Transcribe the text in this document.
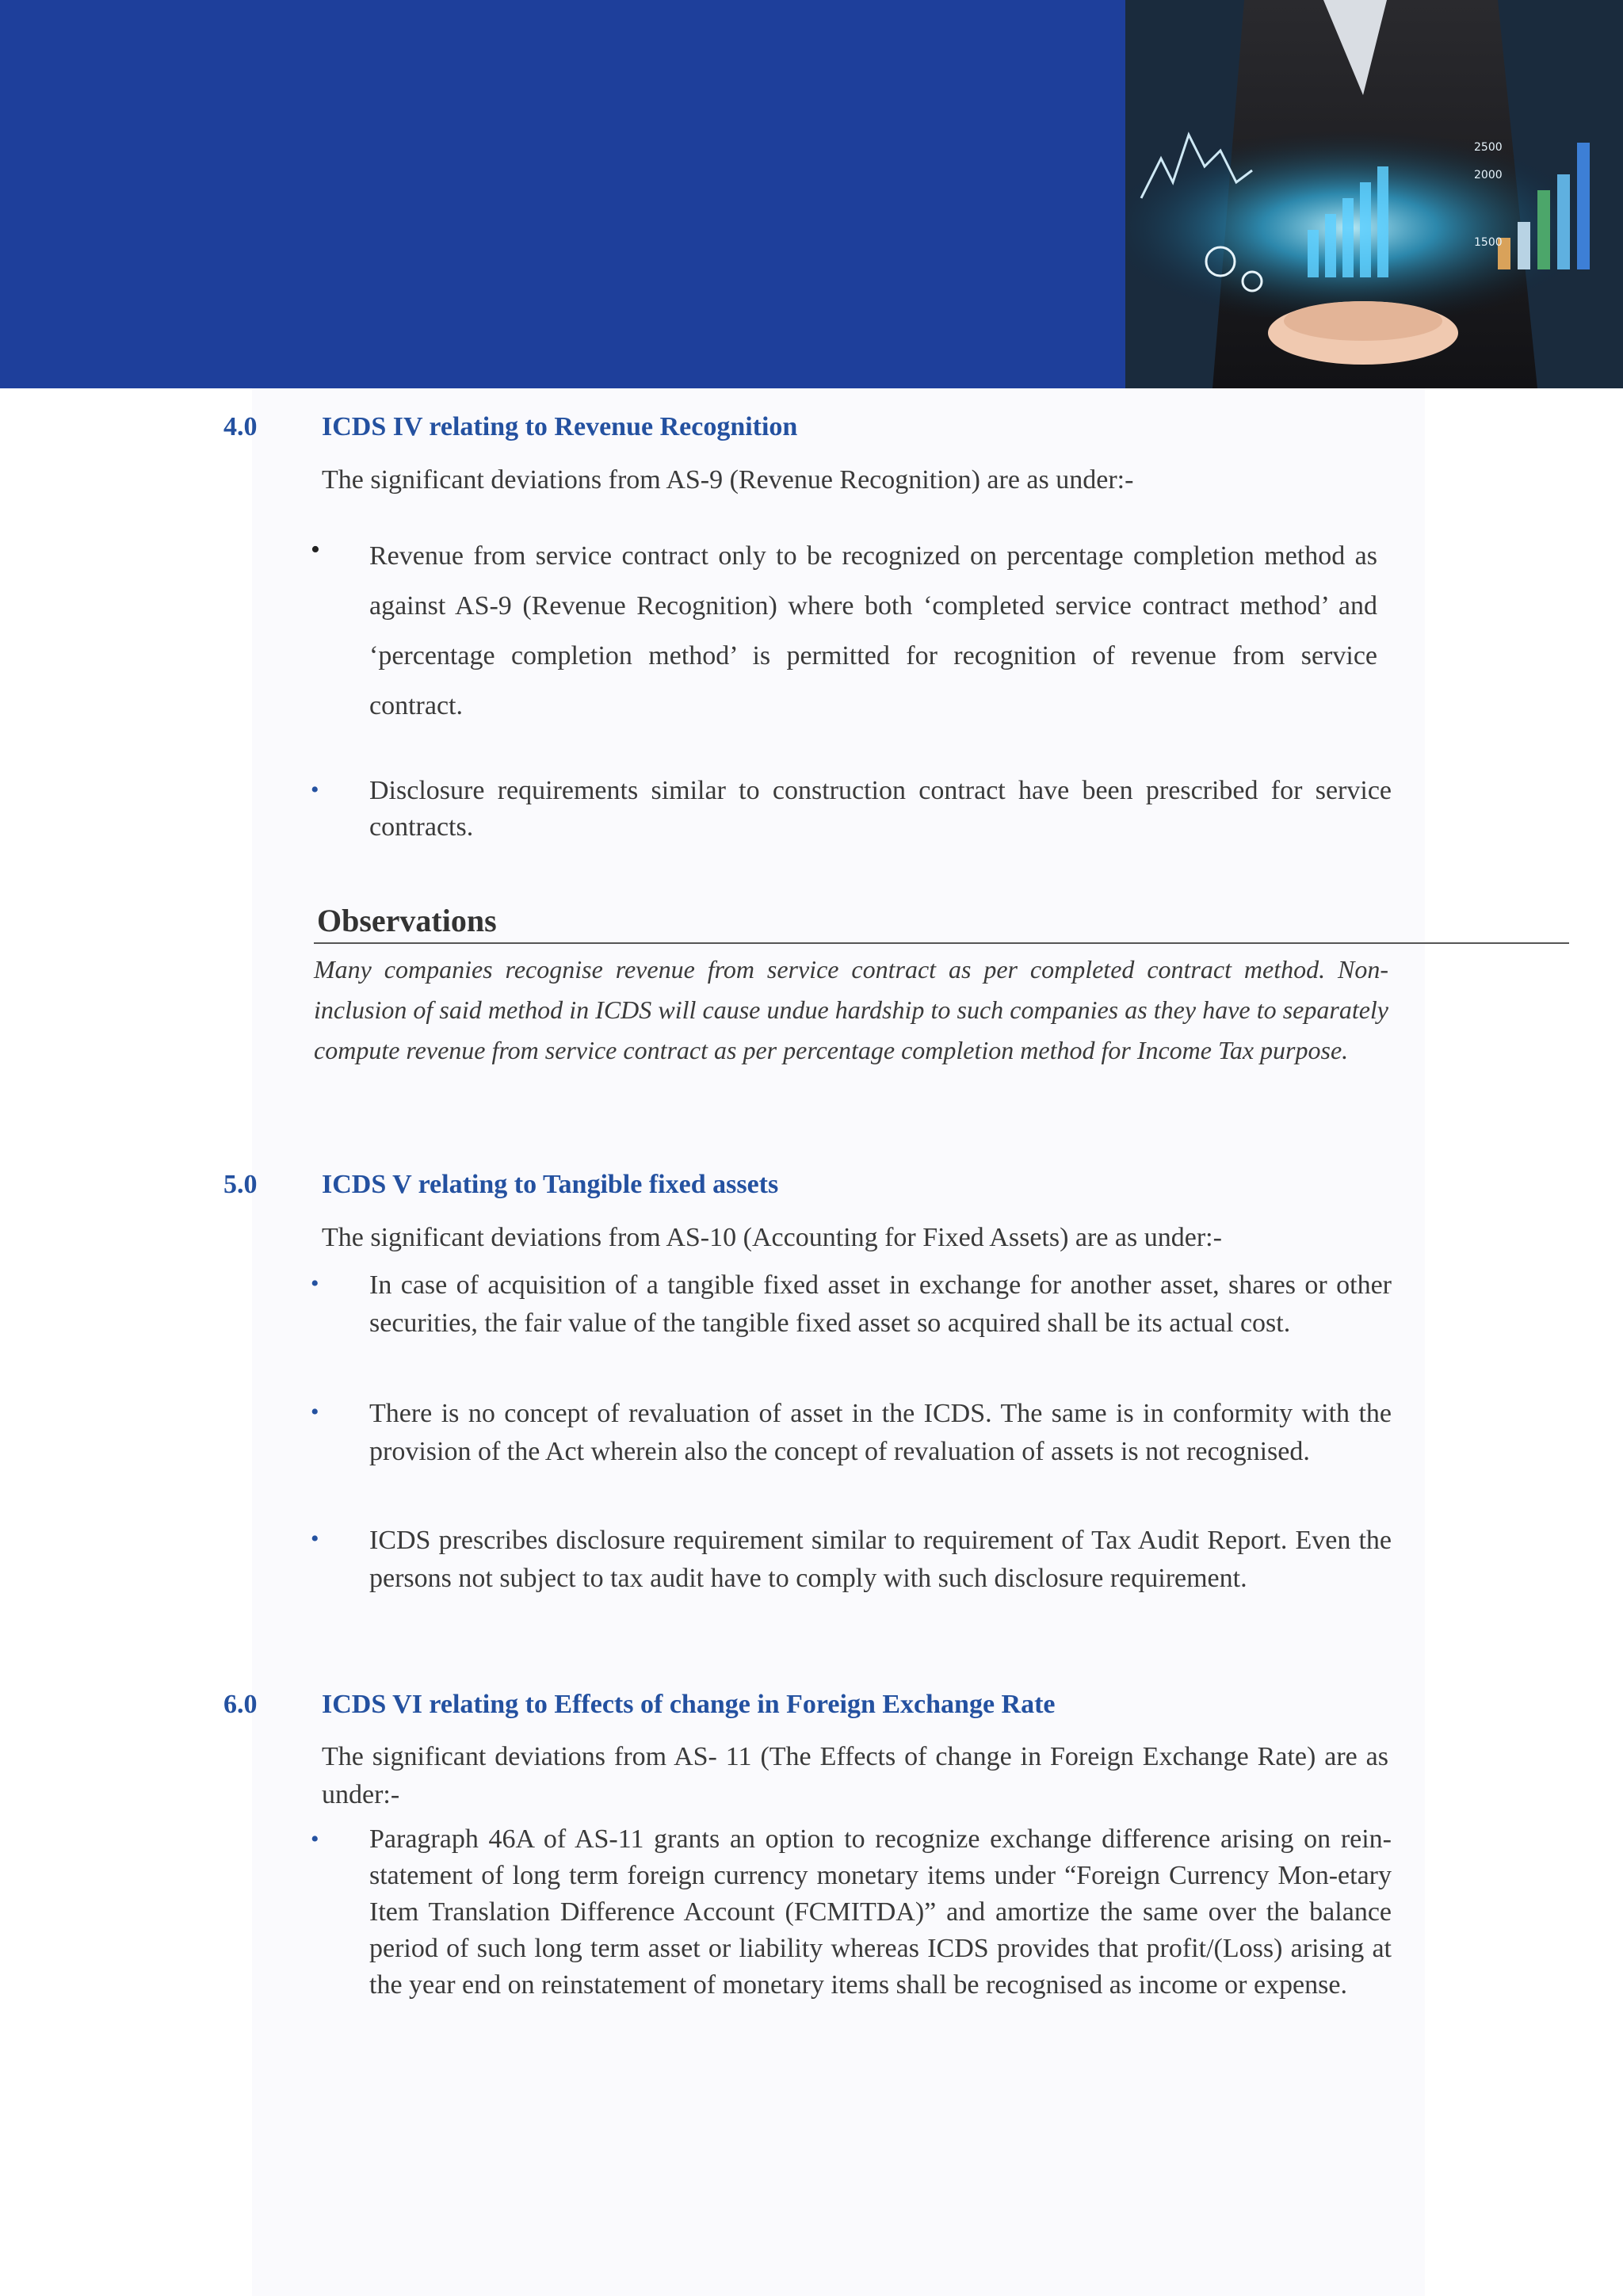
2500
2000
1500
4.0 ICDS IV relating to Revenue Recognition
The significant deviations from AS-9 (Revenue Recognition) are as under:-
• Revenue from service contract only to be recognized on percentage completion method as against AS-9 (Revenue Recognition) where both ‘completed service contract method’ and ‘percentage completion method’ is permitted for recognition of revenue from service contract.
• Disclosure requirements similar to construction contract have been prescribed for service contracts.
Observations
Many companies recognise revenue from service contract as per completed contract method. Non-inclusion of said method in ICDS will cause undue hardship to such companies as they have to separately compute revenue from service contract as per percentage completion method for Income Tax purpose.
5.0 ICDS V relating to Tangible fixed assets
The significant deviations from AS-10 (Accounting for Fixed Assets) are as under:-
• In case of acquisition of a tangible fixed asset in exchange for another asset, shares or other securities, the fair value of the tangible fixed asset so acquired shall be its actual cost.
• There is no concept of revaluation of asset in the ICDS. The same is in conformity with the provision of the Act wherein also the concept of revaluation of assets is not recognised.
• ICDS prescribes disclosure requirement similar to requirement of Tax Audit Report. Even the persons not subject to tax audit have to comply with such disclosure requirement.
6.0 ICDS VI relating to Effects of change in Foreign Exchange Rate
The significant deviations from AS- 11 (The Effects of change in Foreign Exchange Rate) are as under:-
• Paragraph 46A of AS-11 grants an option to recognize exchange difference arising on rein-statement of long term foreign currency monetary items under “Foreign Currency Mon-etary Item Translation Difference Account (FCMITDA)” and amortize the same over the balance period of such long term asset or liability whereas ICDS provides that profit/(Loss) arising at the year end on reinstatement of monetary items shall be recognised as income or expense.
